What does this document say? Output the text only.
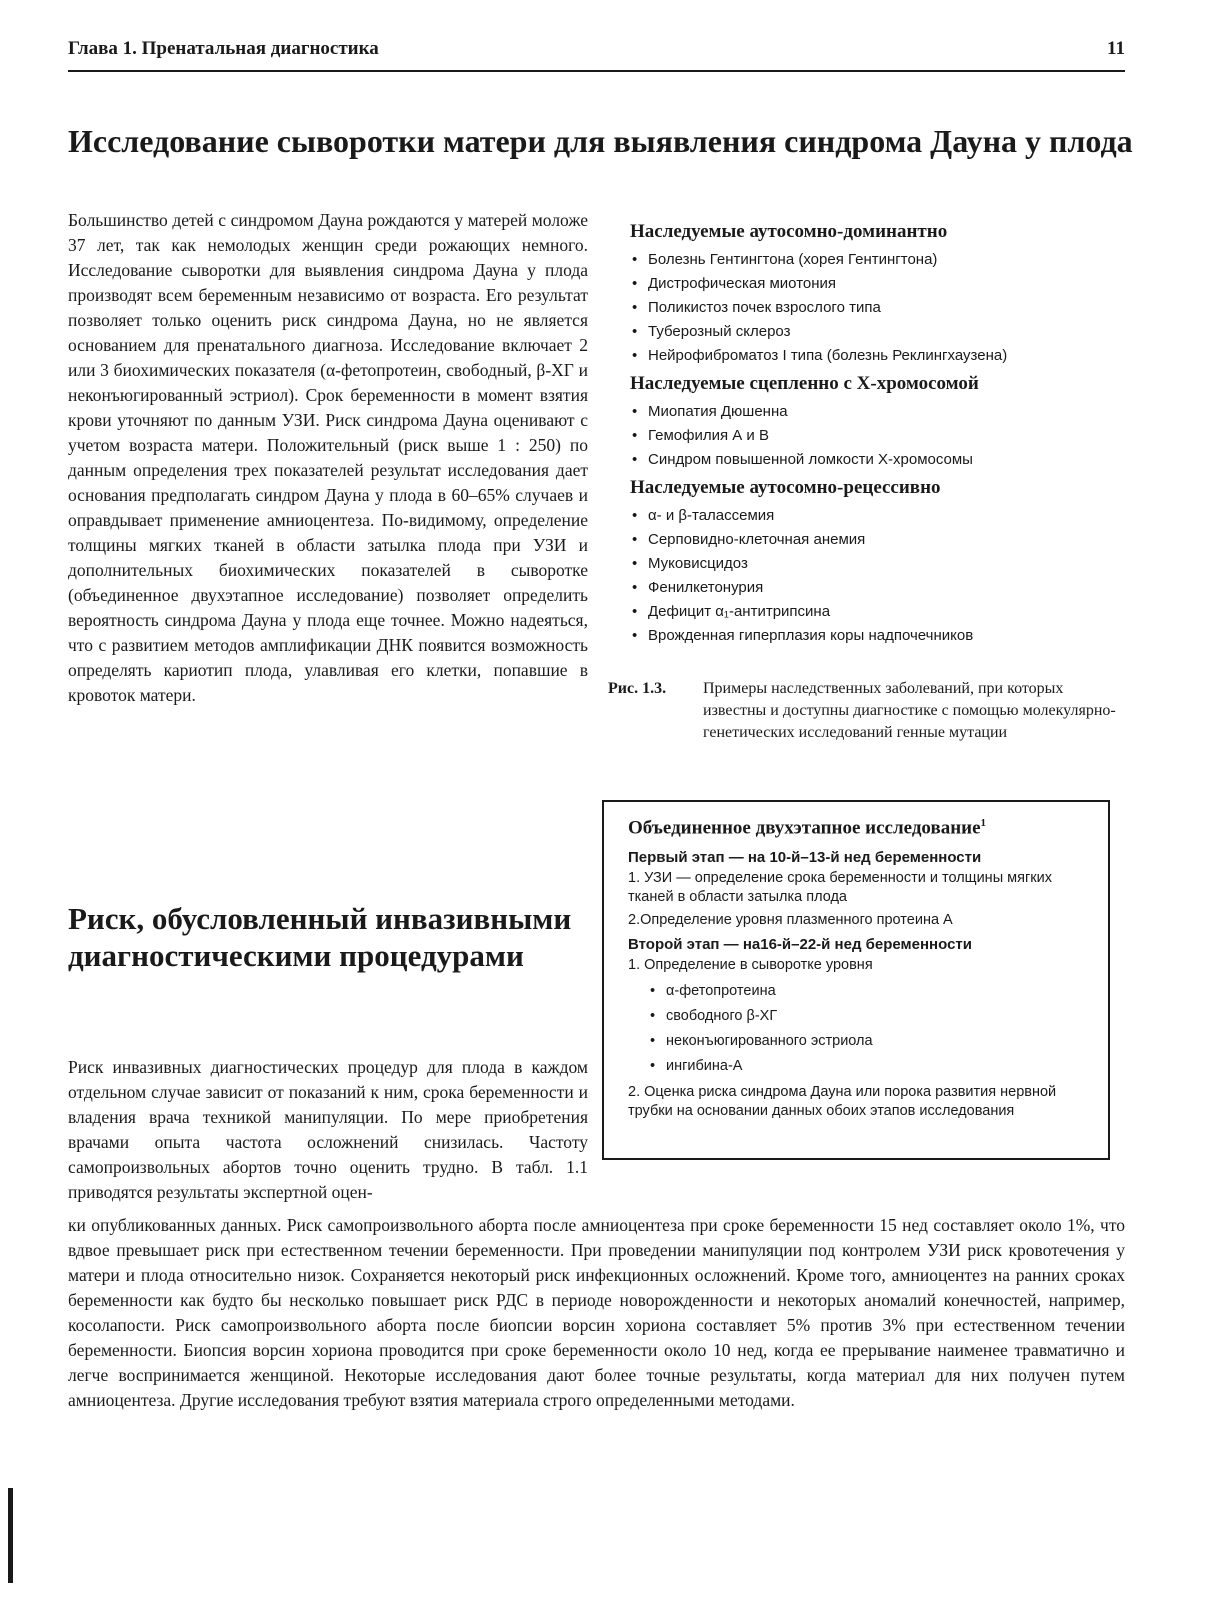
Глава 1. Пренатальная диагностика	11
Исследование сыворотки матери для выявления синдрома Дауна у плода

Большинство детей с синдромом Дауна рождаются у матерей моложе 37 лет, так как немолодых женщин среди рожающих немного. Исследование сыворотки для выявления синдрома Дауна у плода производят всем беременным независимо от возраста. Его результат позволяет только оценить риск синдрома Дауна, но не является основанием для пренатального диагноза. Исследование включает 2 или 3 биохимических показателя (α-фетопротеин, свободный, β-ХГ и неконъюгированный эстриол). Срок беременности в момент взятия крови уточняют по данным УЗИ. Риск синдрома Дауна оценивают с учетом возраста матери. Положительный (риск выше 1 : 250) по данным определения трех показателей результат исследования дает основания предполагать синдром Дауна у плода в 60–65% случаев и оправдывает применение амниоцентеза. По-видимому, определение толщины мягких тканей в области затылка плода при УЗИ и дополнительных биохимических показателей в сыворотке (объединенное двухэтапное исследование) позволяет определить вероятность синдрома Дауна у плода еще точнее. Можно надеяться, что с развитием методов амплификации ДНК появится возможность определять кариотип плода, улавливая его клетки, попавшие в кровоток матери.

Наследуемые аутосомно-доминантно

• Болезнь Гентингтона (хорея Гентингтона)
• Дистрофическая миотония
• Поликистоз почек взрослого типа
• Туберозный склероз
• Нейрофиброматоз I типа (болезнь Реклингхаузена)

Наследуемые сцепленно с Х-хромосомой

• Миопатия Дюшенна
• Гемофилия А и В
• Синдром повышенной ломкости Х-хромосомы

Наследуемые аутосомно-рецессивно

• α- и β-талассемия
• Серповидно-клеточная анемия
• Муковисцидоз
• Фенилкетонурия
• Дефицит α₁-антитрипсина
• Врожденная гиперплазия коры надпочечников
Рис. 1.3. Примеры наследственных заболеваний, при которых известны и доступны диагностике с помощью молекулярно-генетических исследований генные мутации

Объединенное двухэтапное исследование$^1$

Первый этап — на 10-й–13-й нед беременности

1. УЗИ — определение срока беременности и толщины мягких тканей в области затылка плода

2.Определение уровня плазменного протеина А

Второй этап — на16-й–22-й нед беременности

1. Определение в сыворотке уровня

• α-фетопротеина
• свободного β-ХГ
• неконъюгированного эстриола
• ингибина-А

2. Оценка риска синдрома Дауна или порока развития нервной трубки на основании данных обоих этапов исследования

Риск, обусловленный инвазивными диагностическими процедурами

Риск инвазивных диагностических процедур для плода в каждом отдельном случае зависит от показаний к ним, срока беременности и владения врача техникой манипуляции. По мере приобретения врачами опыта частота осложнений снизилась. Частоту самопроизвольных абортов точно оценить трудно. В табл. 1.1 приводятся результаты экспертной оцен-

ки опубликованных данных. Риск самопроизвольного аборта после амниоцентеза при сроке беременности 15 нед составляет около 1%, что вдвое превышает риск при естественном течении беременности. При проведении манипуляции под контролем УЗИ риск кровотечения у матери и плода относительно низок. Сохраняется некоторый риск инфекционных осложнений. Кроме того, амниоцентез на ранних сроках беременности как будто бы несколько повышает риск РДС в периоде новорожденности и некоторых аномалий конечностей, например, косолапости. Риск самопроизвольного аборта после биопсии ворсин хориона составляет 5% против 3% при естественном течении беременности. Биопсия ворсин хориона проводится при сроке беременности около 10 нед, когда ее прерывание наименее травматично и легче воспринимается женщиной. Некоторые исследования дают более точные результаты, когда материал для них получен путем амниоцентеза. Другие исследования требуют взятия материала строго определенными методами.
